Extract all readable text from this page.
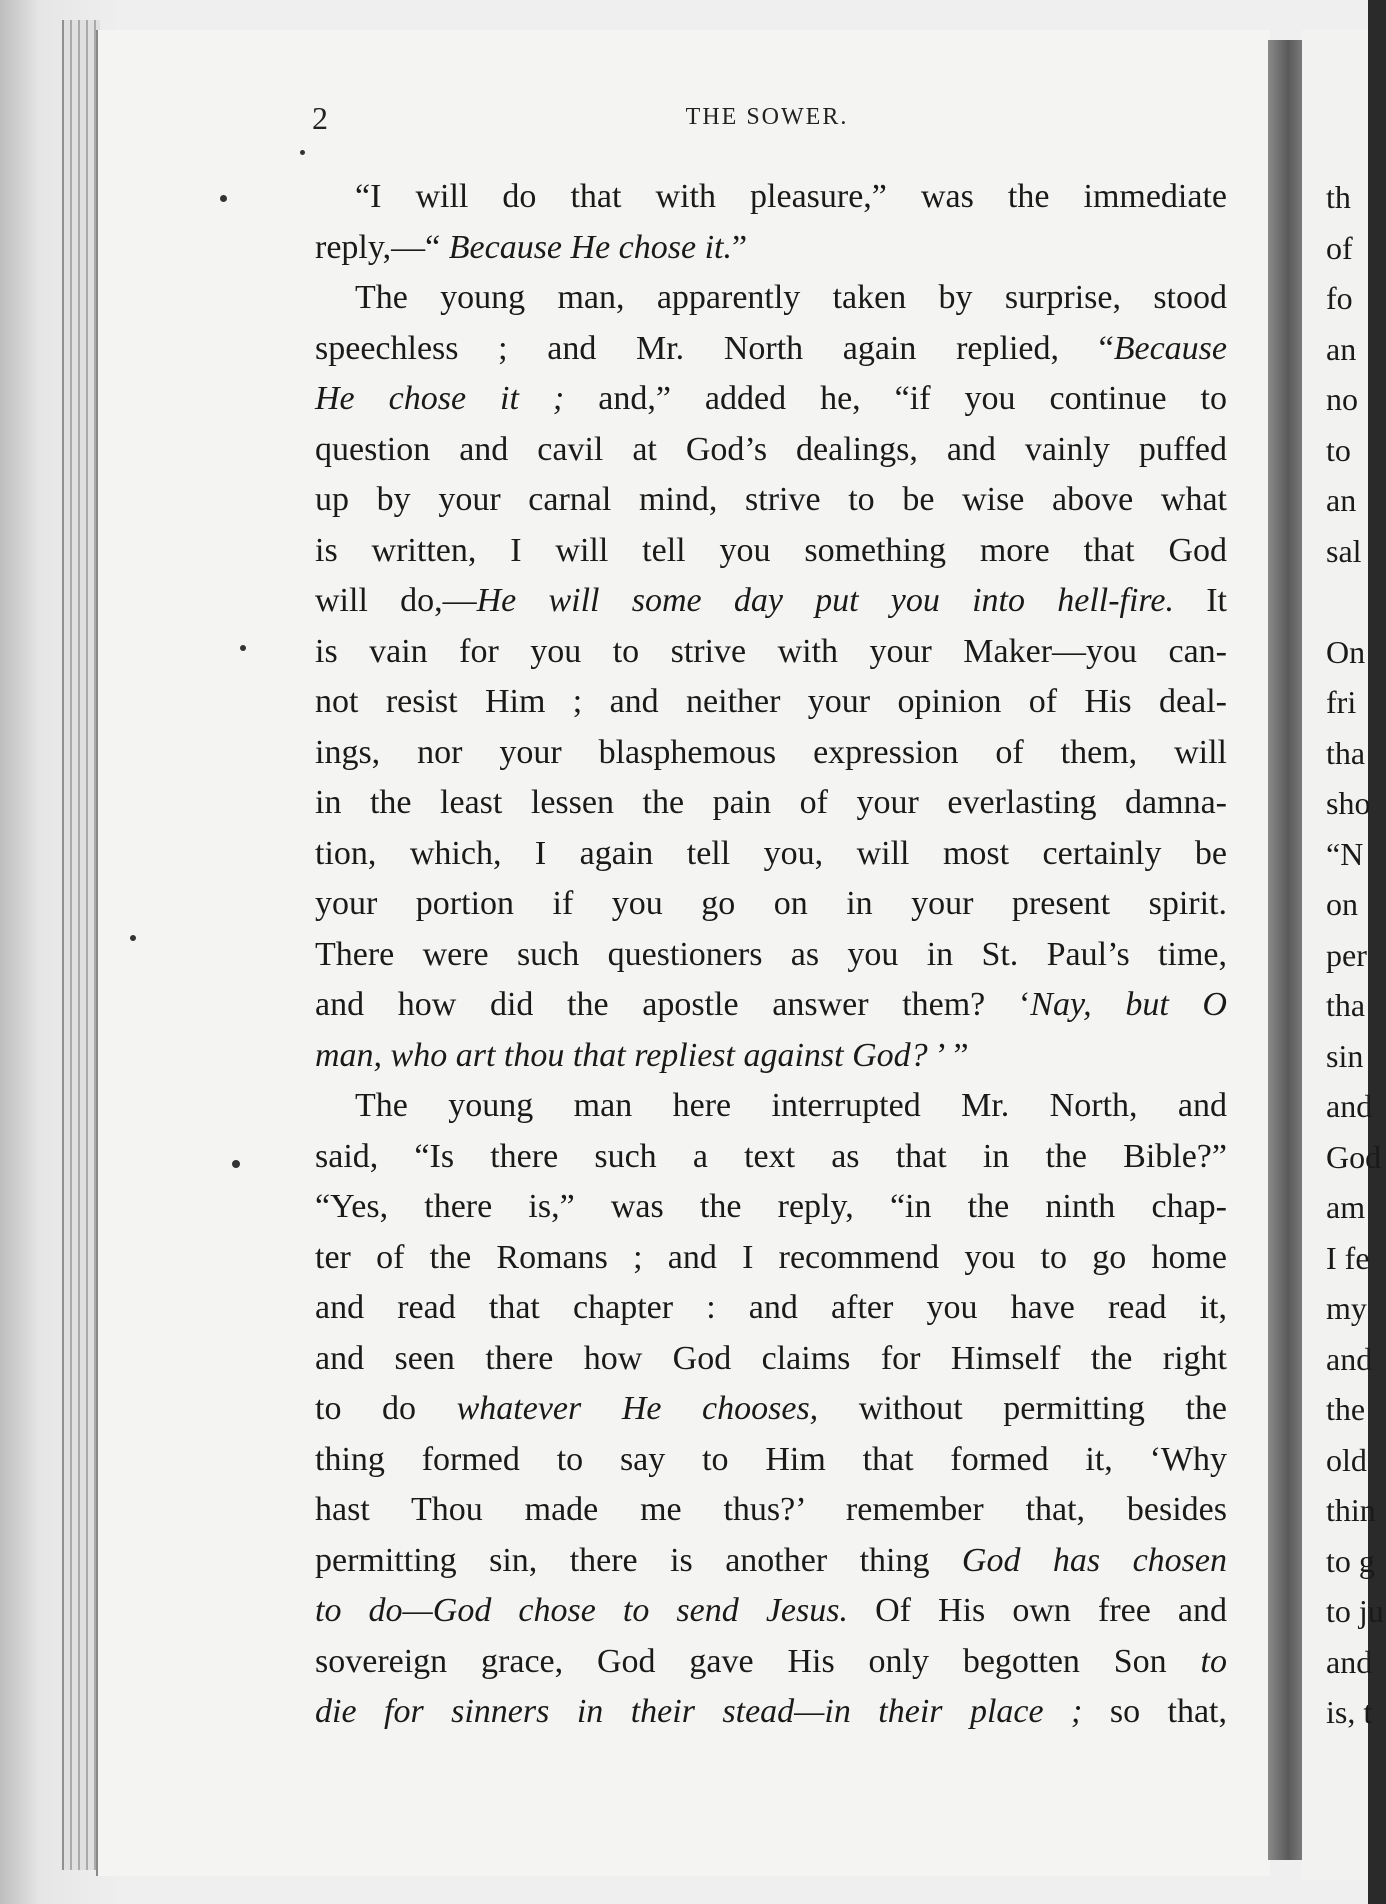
2	THE SOWER.
“I will do that with pleasure,” was the immediate
reply,—“ Because He chose it.”
The young man, apparently taken by surprise, stood
speechless ; and Mr. North again replied, “Because
He chose it ; and,” added he, “if you continue to
question and cavil at God’s dealings, and vainly puffed
up by your carnal mind, strive to be wise above what
is written, I will tell you something more that God
will do,—He will some day put you into hell-fire. It
is vain for you to strive with your Maker—you can-
not resist Him ; and neither your opinion of His deal-
ings, nor your blasphemous expression of them, will
in the least lessen the pain of your everlasting damna-
tion, which, I again tell you, will most certainly be
your portion if you go on in your present spirit.
There were such questioners as you in St. Paul’s time,
and how did the apostle answer them? ‘Nay, but O
man, who art thou that repliest against God? ’ ”
The young man here interrupted Mr. North, and
said, “Is there such a text as that in the Bible?”
“Yes, there is,” was the reply, “in the ninth chap-
ter of the Romans ; and I recommend you to go home
and read that chapter : and after you have read it,
and seen there how God claims for Himself the right
to do whatever He chooses, without permitting the
thing formed to say to Him that formed it, ‘Why
hast Thou made me thus?’ remember that, besides
permitting sin, there is another thing God has chosen
to do—God chose to send Jesus. Of His own free and
sovereign grace, God gave His only begotten Son to
die for sinners in their stead—in their place ; so that,
th
of
fo
an
no
to
an
sal
On
fri
tha
sho
“N
on
per
tha
sin
and
God
am
I fe
my
and
the
old
thin
to g
to ju
and
is, t
